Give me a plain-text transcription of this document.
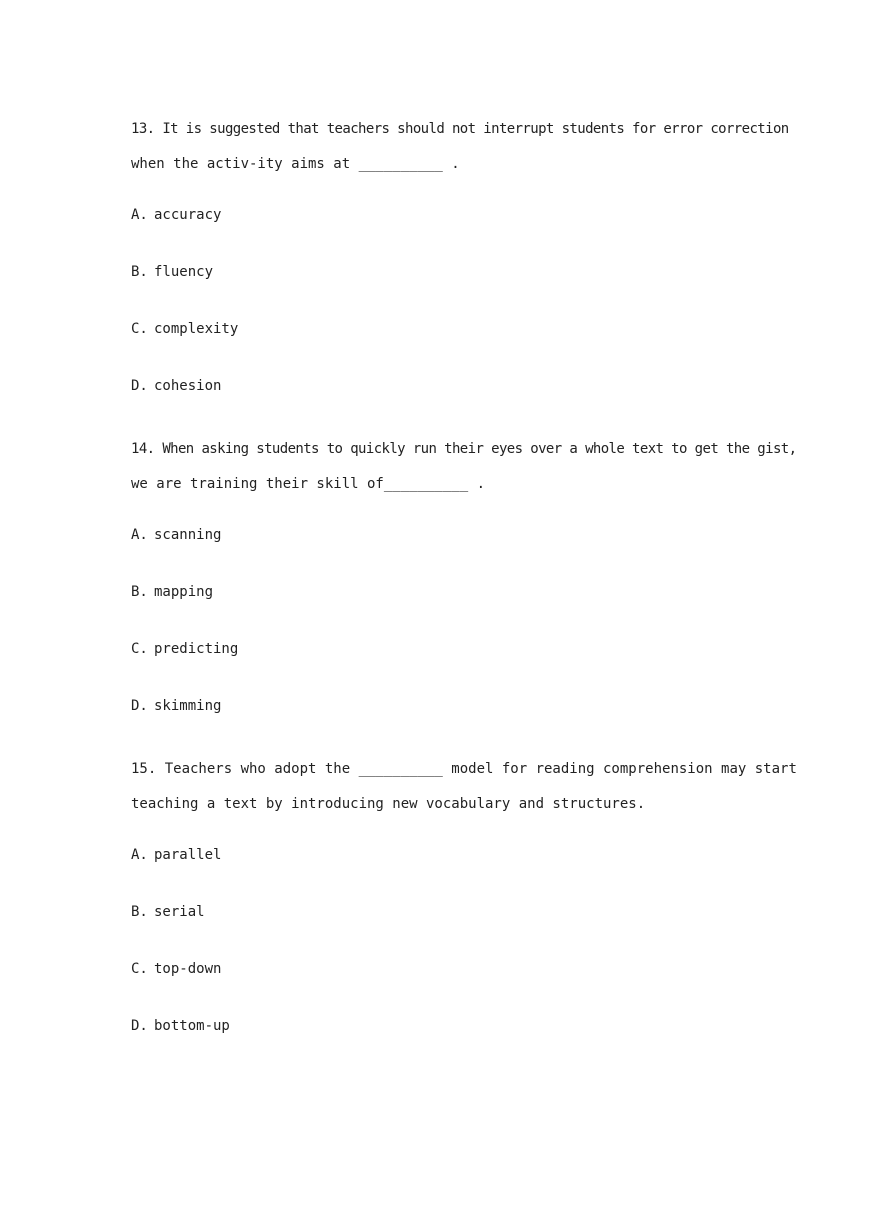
13. It is suggested that teachers should not interrupt students for error correction
when the activ-ity aims at __________ .
A. accuracy
B. fluency
C. complexity
D. cohesion
14. When asking students to quickly run their eyes over a whole text to get the gist,
we are training their skill of__________ .
A. scanning
B. mapping
C. predicting
D. skimming
15. Teachers who adopt the __________ model for reading comprehension may start
teaching a text by introducing new vocabulary and structures.
A. parallel
B. serial
C. top-down
D. bottom-up
